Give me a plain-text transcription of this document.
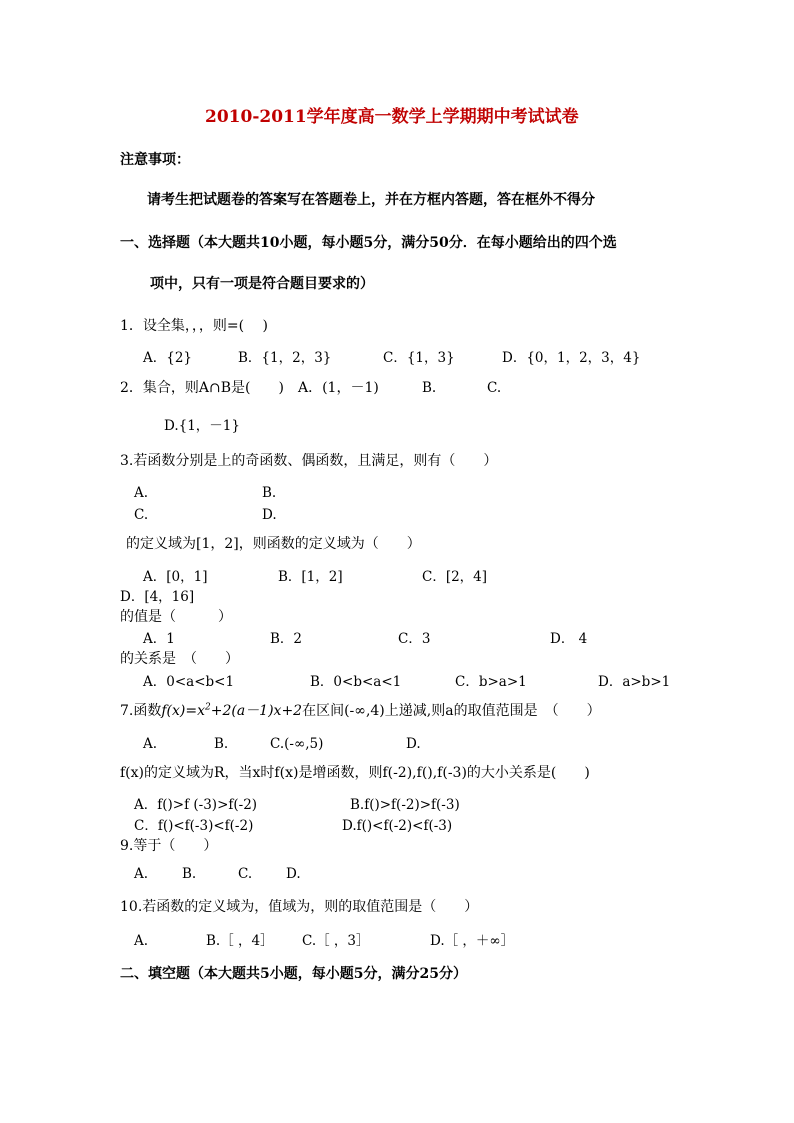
2010-2011学年度高一数学上学期期中考试试卷
注意事项：
请考生把试题卷的答案写在答题卷上，并在方框内答题，答在框外不得分
一、选择题（本大题共10小题，每小题5分，满分50分．在每小题给出的四个选
项中，只有一项是符合题目要求的）
1．设全集，，，则=(　 )
A．{2}	B．{1，2，3}	C．{1，3}	D．{0，1，2，3，4}
2．集合，则A∩B是(　　)　A．(1，－1)	B.	C.
D.{1，－1}
3.若函数分别是上的奇函数、偶函数，且满足，则有（　　）
A.	B.
C.	D.
的定义域为[1，2]，则函数的定义域为（　　）
A．[0，1]	B．[1，2]	C．[2，4]
D．[4，16]
的值是（　　　）
A．1	B．2	C．3	D． 4
的关系是　（　　）
A．0<a<b<1	B．0<b<a<1	C．b>a>1	D．a>b>1
7.函数$f(x)=x^2+2(a-1)x+2$在区间(-∞,4)上递减,则a的取值范围是　（　　）
A.	B.	C.(-∞,5)	D.
f(x)的定义域为R，当x时f(x)是增函数，则f(-2),f(),f(-3)的大小关系是(　　)
A．f()>f (-3)>f(-2)	B.f()>f(-2)>f(-3)
C．f()<f(-3)<f(-2)	D.f()<f(-2)<f(-3)
9.等于（　　）
A.	B.	C.	D.
10.若函数的定义域为，值域为，则的取值范围是（　　）
A.	B.［ ，4］ C.［ ，3］	D.［ ，＋∞］
二、填空题（本大题共5小题，每小题5分，满分25分）
